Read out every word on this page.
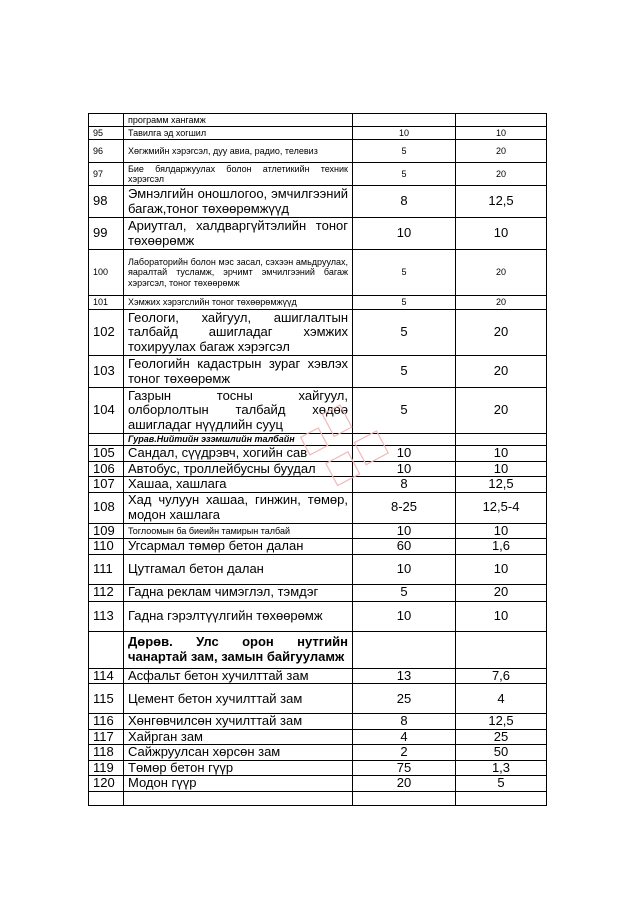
	программ хангамж		
95	Тавилга эд хогшил	10	10
96	Хөгжмийн хэрэгсэл, дуу авиа, радио, телевиз	5	20
97	Бие бялдаржуулах болон атлетикийн техник хэрэгсэл	5	20
98	Эмнэлгийн оношлогоо, эмчилгээний багаж,тоног төхөөрөмжүүд	8	12,5
99	Ариутгал, халдваргүйтэлийн тоног төхөөрөмж	10	10
100	Лабораторийн болон мэс засал, сэхээн амьдруулах, яаралтай тусламж, эрчимт эмчилгээний багаж хэрэгсэл, тоног төхөөрөмж	5	20
101	Хэмжих хэрэгслийн тоног төхөөрөмжүүд	5	20
102	Геологи, хайгуул, ашиглалтын талбайд ашигладаг хэмжих тохируулах багаж хэрэгсэл	5	20
103	Геологийн кадастрын зураг хэвлэх тоног төхөөрөмж	5	20
104	Газрын тосны хайгуул, олборлолтын талбайд хөдөө ашигладаг нүүдлийн сууц	5	20
	Гурав.Нийтийн эзэмшлийн талбайн		
105	Сандал, сүүдрэвч, хогийн сав	10	10
106	Автобус, троллейбусны буудал	10	10
107	Хашаа, хашлага	8	12,5
108	Хад чулуун хашаа, гинжин, төмөр, модон хашлага	8-25	12,5-4
109	Тоглоомын ба биеийн тамирын талбай	10	10
110	Угсармал төмөр бетон далан	60	1,6
111	Цутгамал бетон далан	10	10
112	Гадна реклам чимэглэл, тэмдэг	5	20
113	Гадна гэрэлтүүлгийн төхөөрөмж	10	10
	Дөрөв. Улс орон нутгийн чанартай зам, замын байгууламж		
114	Асфальт бетон хучилттай зам	13	7,6
115	Цемент бетон хучилттай зам	25	4
116	Хөнгөвчилсөн хучилттай зам	8	12,5
117	Хайрган зам	4	25
118	Сайжруулсан хөрсөн зам	2	50
119	Төмөр бетон гүүр	75	1,3
120	Модон гүүр	20	5
